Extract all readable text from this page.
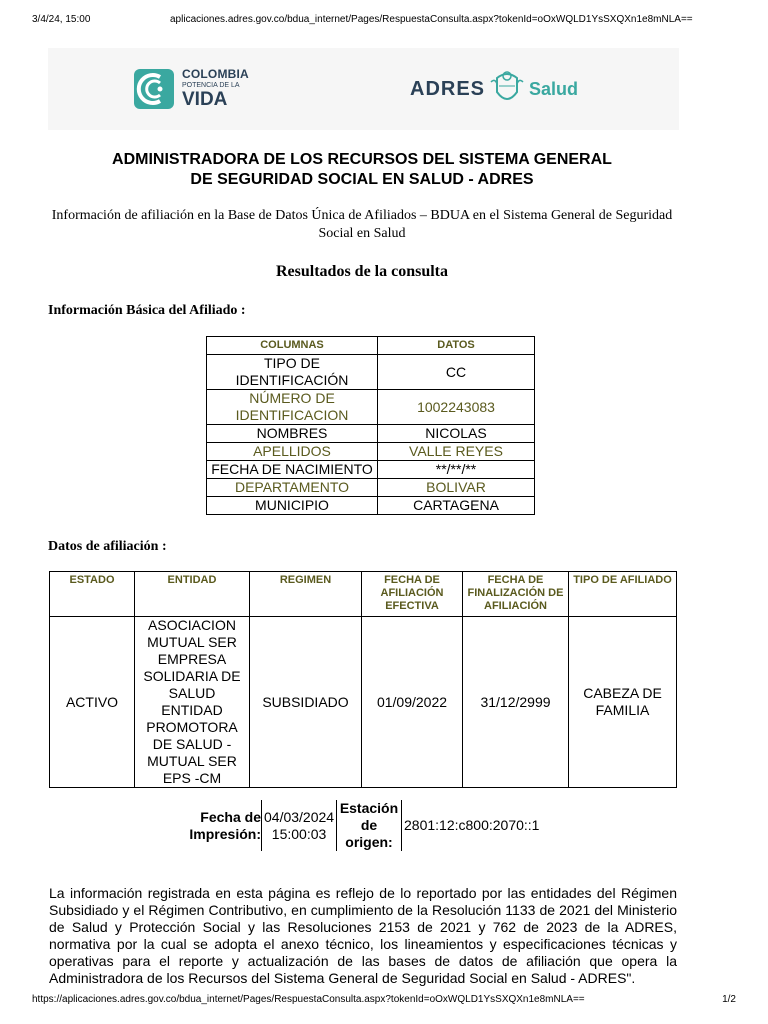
3/4/24, 15:00	aplicaciones.adres.gov.co/bdua_internet/Pages/RespuestaConsulta.aspx?tokenId=oOxWQLD1YsSXQXn1e8mNLA==
COLOMBIA
POTENCIA DE LA
VIDA	ADRES Salud
ADMINISTRADORA DE LOS RECURSOS DEL SISTEMA GENERAL
DE SEGURIDAD SOCIAL EN SALUD - ADRES
Información de afiliación en la Base de Datos Única de Afiliados – BDUA en el Sistema General de Seguridad Social en Salud
Resultados de la consulta
Información Básica del Afiliado :
COLUMNAS	DATOS
TIPO DE IDENTIFICACIÓN	CC
NÚMERO DE IDENTIFICACION	1002243083
NOMBRES	NICOLAS
APELLIDOS	VALLE REYES
FECHA DE NACIMIENTO	**/**/**
DEPARTAMENTO	BOLIVAR
MUNICIPIO	CARTAGENA
Datos de afiliación :
ESTADO	ENTIDAD	REGIMEN	FECHA DE AFILIACIÓN EFECTIVA	FECHA DE FINALIZACIÓN DE AFILIACIÓN	TIPO DE AFILIADO
ACTIVO	ASOCIACION MUTUAL SER EMPRESA SOLIDARIA DE SALUD ENTIDAD PROMOTORA DE SALUD - MUTUAL SER EPS -CM	SUBSIDIADO	01/09/2022	31/12/2999	CABEZA DE FAMILIA
Fecha de Impresión:
04/03/2024 15:00:03
Estación de origen:
2801:12:c800:2070::1
La información registrada en esta página es reflejo de lo reportado por las entidades del Régimen Subsidiado y el Régimen Contributivo, en cumplimiento de la Resolución 1133 de 2021 del Ministerio de Salud y Protección Social y las Resoluciones 2153 de 2021 y 762 de 2023 de la ADRES, normativa por la cual se adopta el anexo técnico, los lineamientos y especificaciones técnicas y operativas para el reporte y actualización de las bases de datos de afiliación que opera la Administradora de los Recursos del Sistema General de Seguridad Social en Salud - ADRES".
https://aplicaciones.adres.gov.co/bdua_internet/Pages/RespuestaConsulta.aspx?tokenId=oOxWQLD1YsSXQXn1e8mNLA==	1/2
